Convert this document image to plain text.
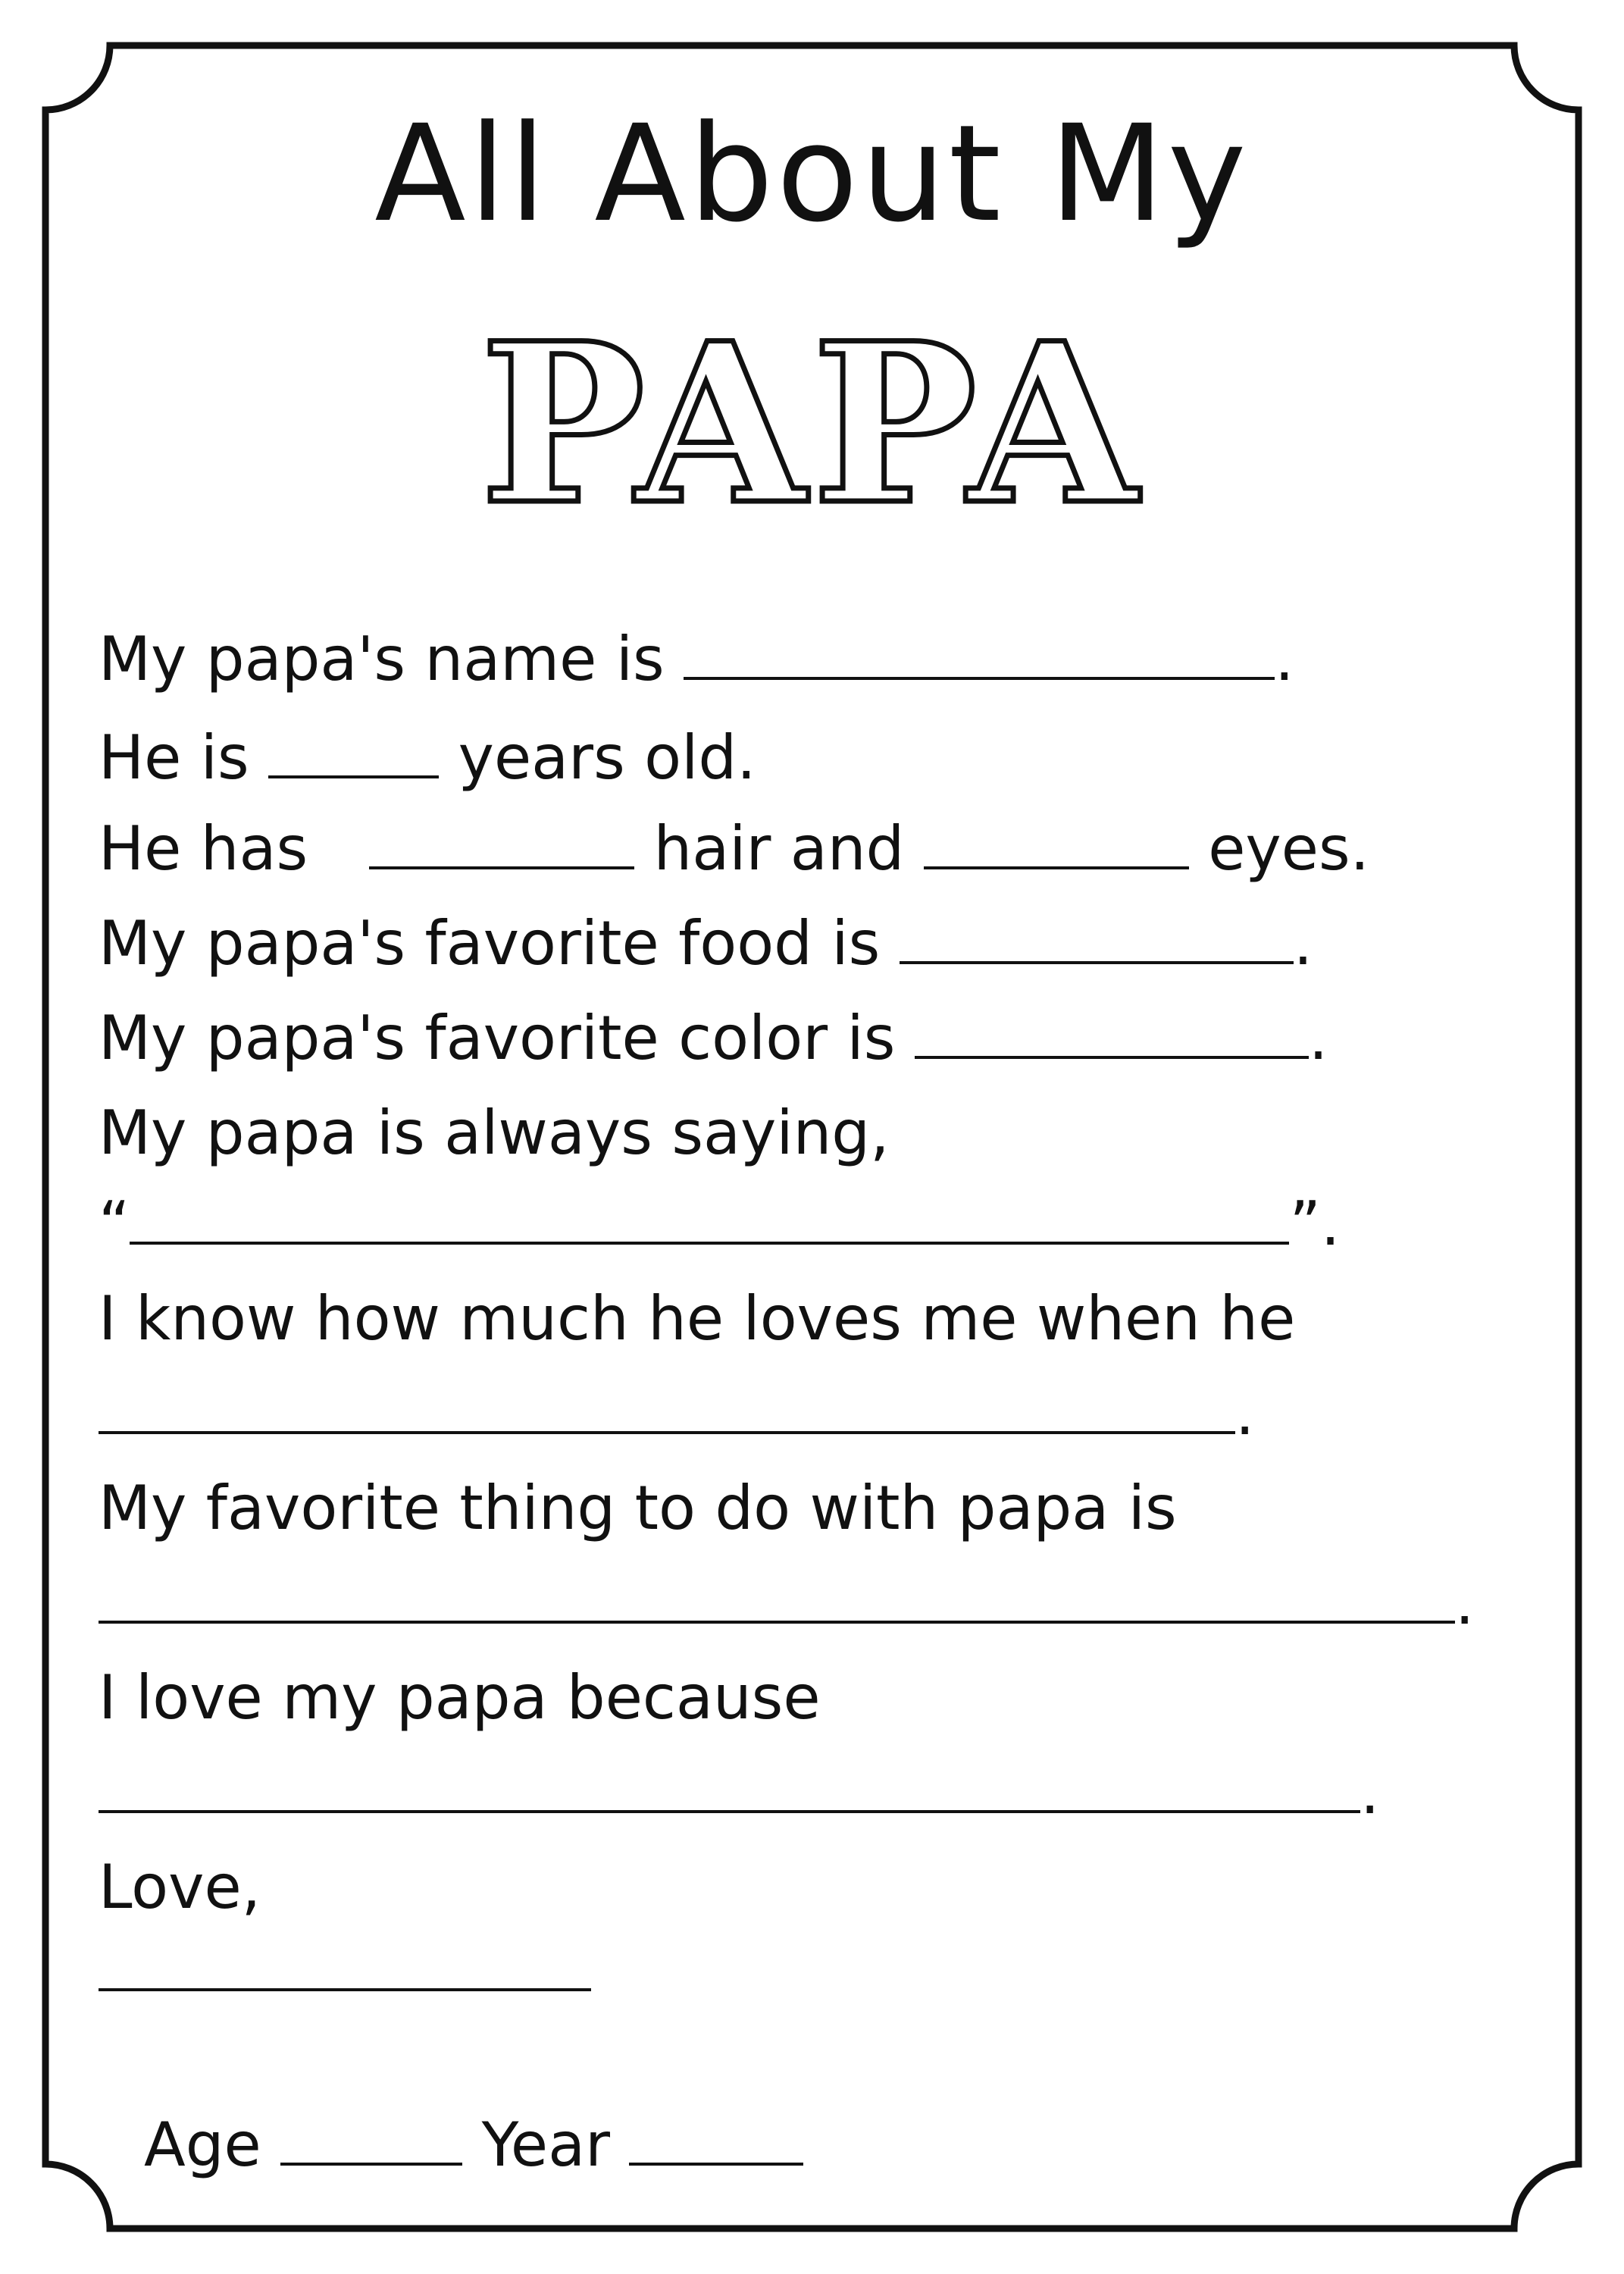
All About My
PAPA
My papa's name is	.
He is	years old.
He has	hair and	eyes.
My papa's favorite food is	.
My papa's favorite color is	.
My papa is always saying,
“	”.
I know how much he loves me when he
.
My favorite thing to do with papa is
.
I love my papa because
.
Love,
Age	Year
